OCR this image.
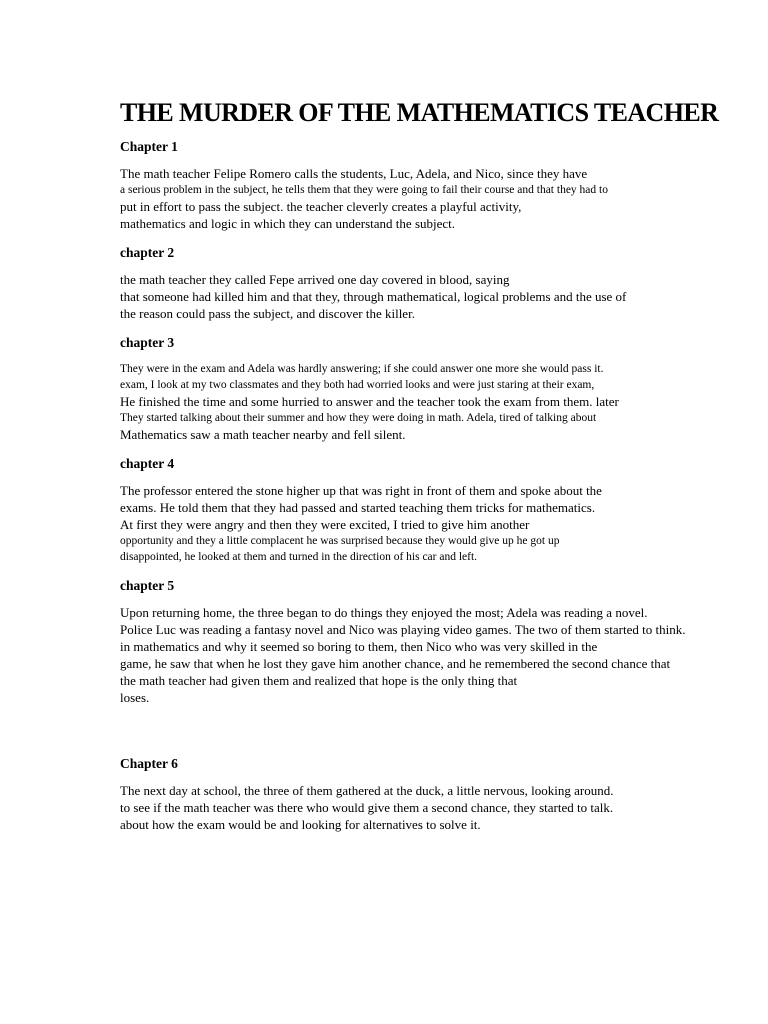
THE MURDER OF THE MATHEMATICS TEACHER
Chapter 1
The math teacher Felipe Romero calls the students, Luc, Adela, and Nico, since they have
a serious problem in the subject, he tells them that they were going to fail their course and that they had to
put in effort to pass the subject. the teacher cleverly creates a playful activity,
mathematics and logic in which they can understand the subject.
chapter 2
the math teacher they called Fepe arrived one day covered in blood, saying
that someone had killed him and that they, through mathematical, logical problems and the use of
the reason could pass the subject, and discover the killer.
chapter 3
They were in the exam and Adela was hardly answering; if she could answer one more she would pass it.
exam, I look at my two classmates and they both had worried looks and were just staring at their exam,
He finished the time and some hurried to answer and the teacher took the exam from them. later
They started talking about their summer and how they were doing in math. Adela, tired of talking about
Mathematics saw a math teacher nearby and fell silent.
chapter 4
The professor entered the stone higher up that was right in front of them and spoke about the
exams. He told them that they had passed and started teaching them tricks for mathematics.
At first they were angry and then they were excited, I tried to give him another
opportunity and they a little complacent he was surprised because they would give up he got up
disappointed, he looked at them and turned in the direction of his car and left.
chapter 5
Upon returning home, the three began to do things they enjoyed the most; Adela was reading a novel.
Police Luc was reading a fantasy novel and Nico was playing video games. The two of them started to think.
in mathematics and why it seemed so boring to them, then Nico who was very skilled in the
game, he saw that when he lost they gave him another chance, and he remembered the second chance that
the math teacher had given them and realized that hope is the only thing that
loses.
Chapter 6
The next day at school, the three of them gathered at the duck, a little nervous, looking around.
to see if the math teacher was there who would give them a second chance, they started to talk.
about how the exam would be and looking for alternatives to solve it.
